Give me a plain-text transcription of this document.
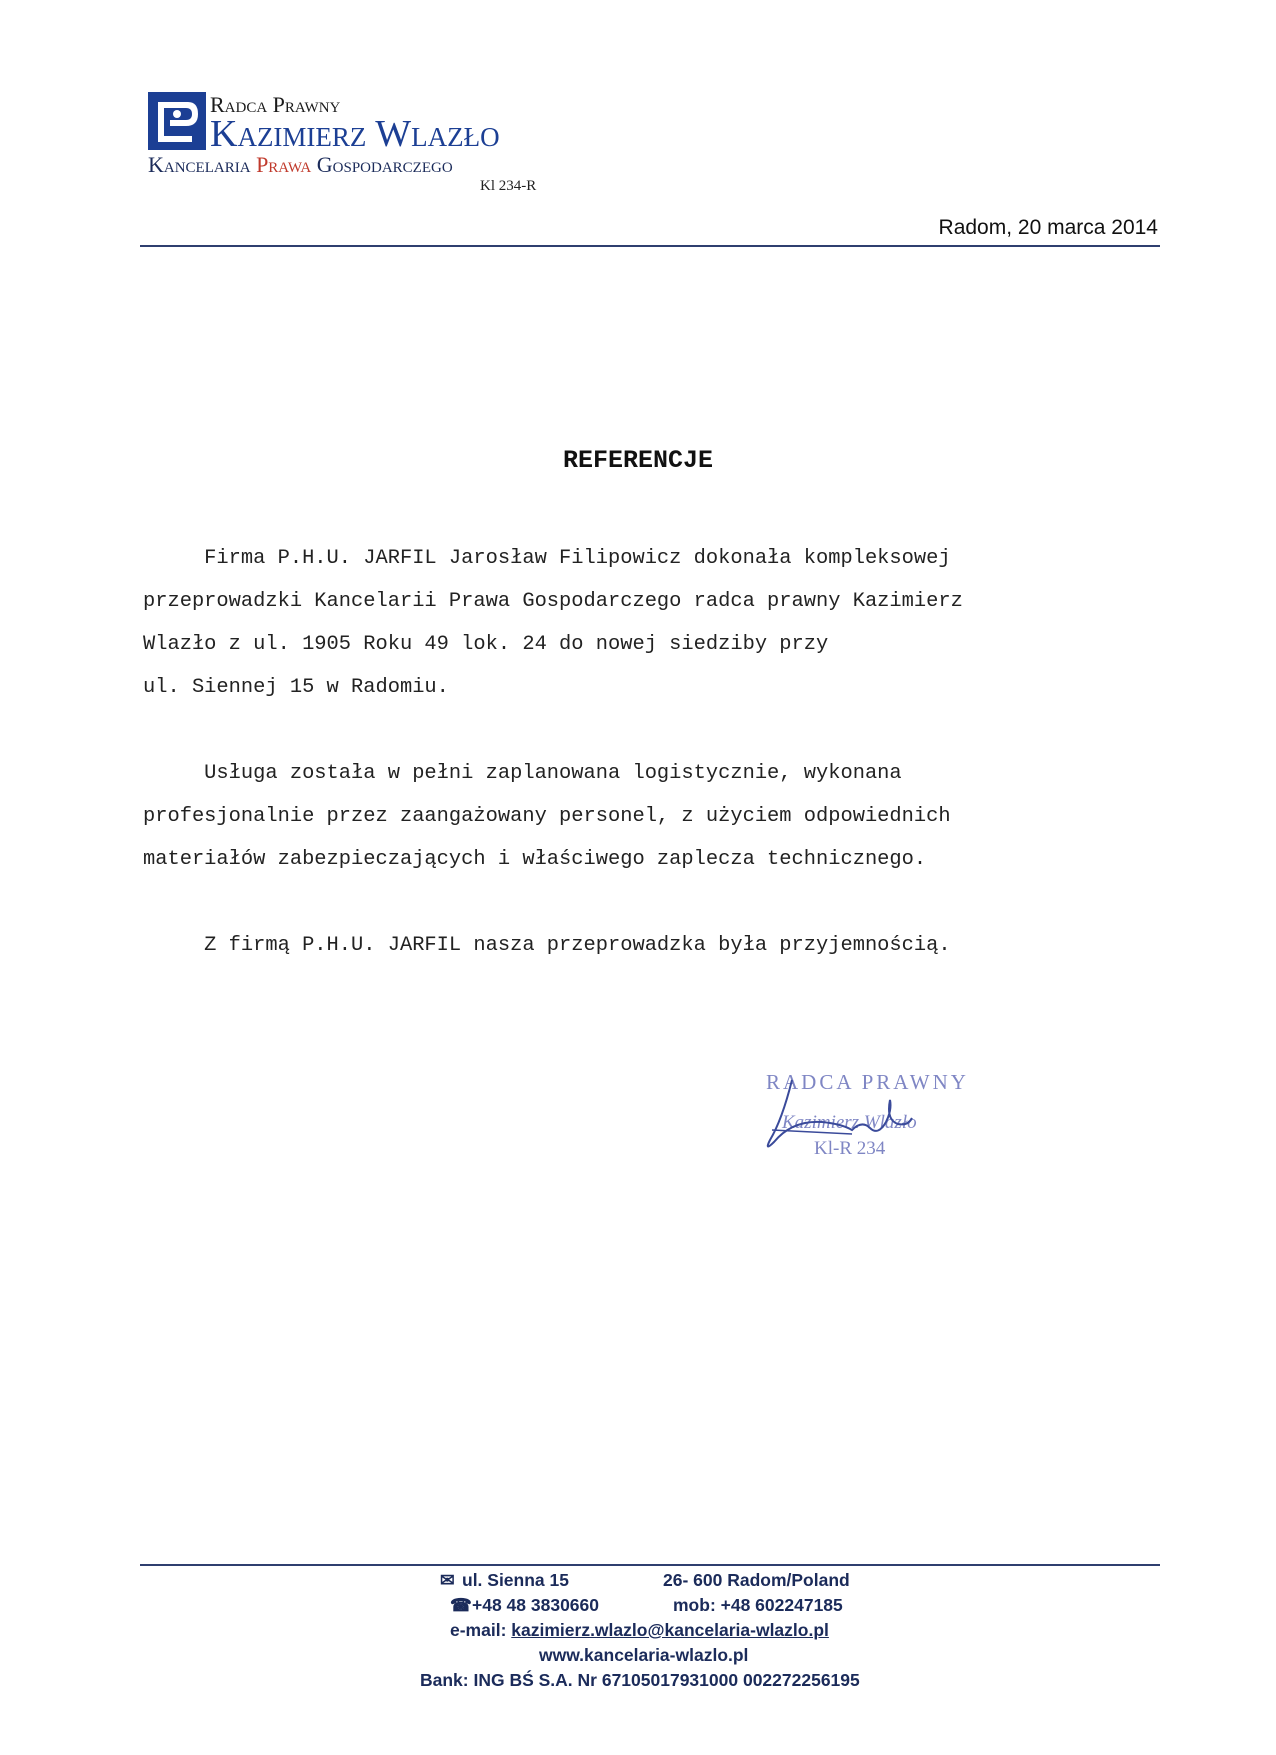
Radca Prawny
Kazimierz Wlazło
Kancelaria Prawa Gospodarczego
Kl 234-R
Radom, 20 marca 2014
REFERENCJE

Firma P.H.U. JARFIL Jarosław Filipowicz dokonała kompleksowej
przeprowadzki Kancelarii Prawa Gospodarczego radca prawny Kazimierz
Wlazło z ul. 1905 Roku 49 lok. 24 do nowej siedziby przy
ul. Siennej 15 w Radomiu.

Usługa została w pełni zaplanowana logistycznie, wykonana
profesjonalnie przez zaangażowany personel, z użyciem odpowiednich
materiałów zabezpieczających i właściwego zaplecza technicznego.

Z firmą P.H.U. JARFIL nasza przeprowadzka była przyjemnością.

RADCA PRAWNY
Kazimierz Wlazło
Kl-R 234
✉ ul. Sienna 15	26- 600 Radom/Poland
☎+48 48 3830660	mob: +48 602247185
e-mail: kazimierz.wlazlo@kancelaria-wlazlo.pl
www.kancelaria-wlazlo.pl
Bank: ING BŚ S.A. Nr 67105017931000 002272256195
